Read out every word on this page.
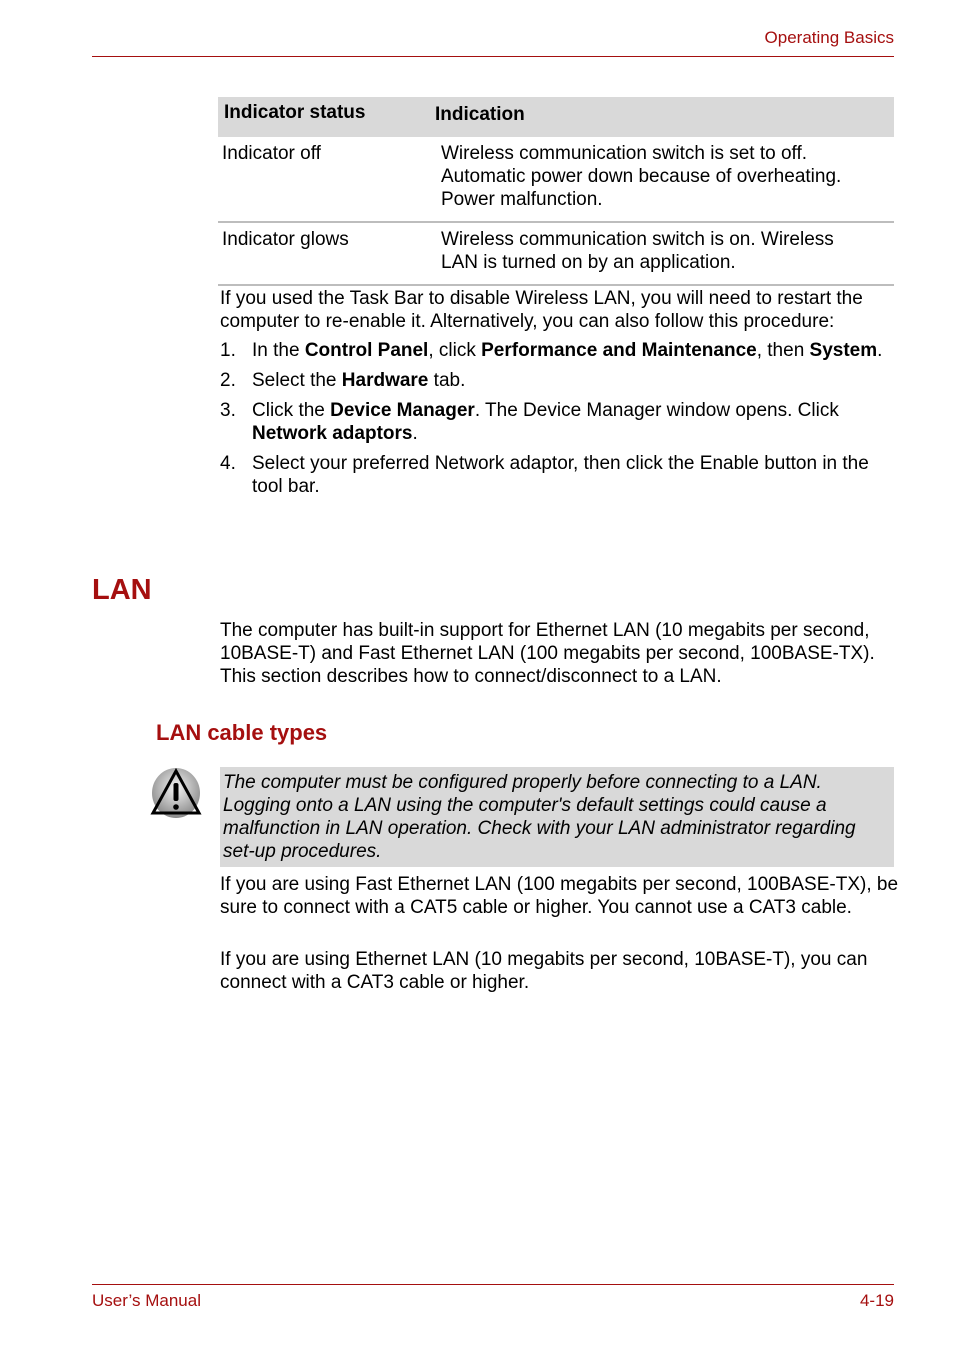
Operating Basics
Indicator status	Indication
Indicator off	Wireless communication switch is set to off.
Automatic power down because of overheating.
Power malfunction.

Indicator glows	Wireless communication switch is on. Wireless
LAN is turned on by an application.

If you used the Task Bar to disable Wireless LAN, you will need to restart the computer to re-enable it. Alternatively, you can also follow this procedure:

1. In the Control Panel, click Performance and Maintenance, then System.
2. Select the Hardware tab.
3. Click the Device Manager. The Device Manager window opens. Click Network adaptors.
4. Select your preferred Network adaptor, then click the Enable button in the tool bar.
LAN
The computer has built-in support for Ethernet LAN (10 megabits per second, 10BASE-T) and Fast Ethernet LAN (100 megabits per second, 100BASE-TX). This section describes how to connect/disconnect to a LAN.
LAN cable types
The computer must be configured properly before connecting to a LAN. Logging onto a LAN using the computer's default settings could cause a malfunction in LAN operation. Check with your LAN administrator regarding set-up procedures.
If you are using Fast Ethernet LAN (100 megabits per second, 100BASE-TX), be sure to connect with a CAT5 cable or higher. You cannot use a CAT3 cable.
If you are using Ethernet LAN (10 megabits per second, 10BASE-T), you can connect with a CAT3 cable or higher.
User’s Manual	4-19
